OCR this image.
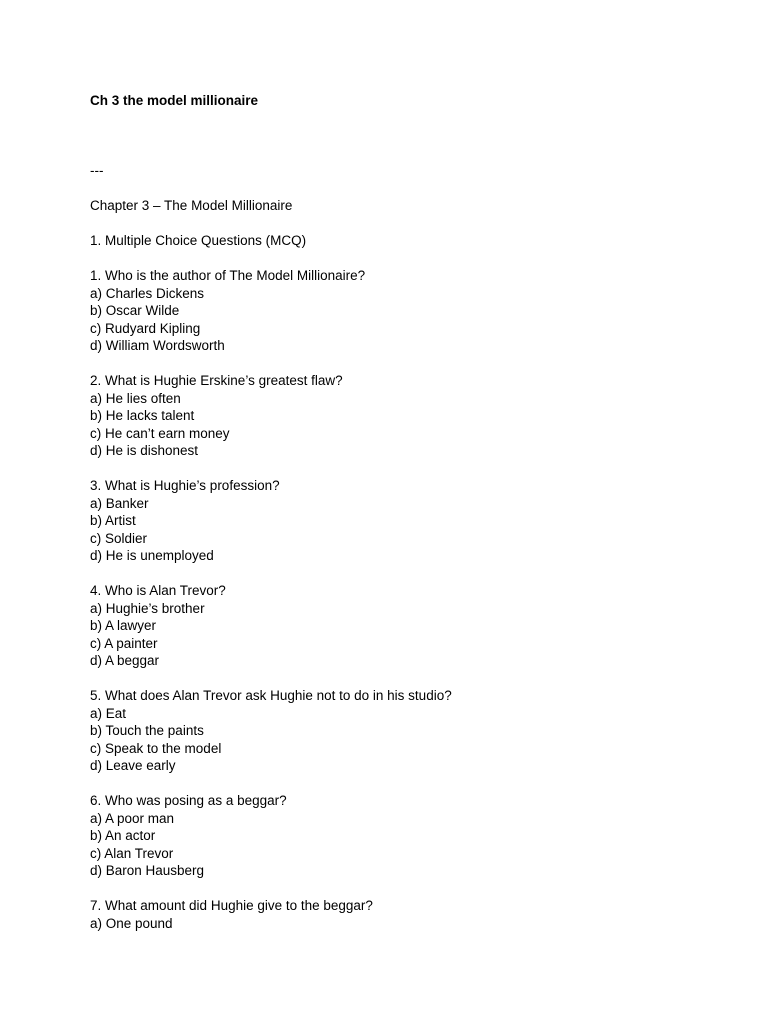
Ch 3 the model millionaire
---
Chapter 3 – The Model Millionaire
1. Multiple Choice Questions (MCQ)
1. Who is the author of The Model Millionaire?
a) Charles Dickens
b) Oscar Wilde
c) Rudyard Kipling
d) William Wordsworth
2. What is Hughie Erskine’s greatest flaw?
a) He lies often
b) He lacks talent
c) He can’t earn money
d) He is dishonest
3. What is Hughie’s profession?
a) Banker
b) Artist
c) Soldier
d) He is unemployed
4. Who is Alan Trevor?
a) Hughie’s brother
b) A lawyer
c) A painter
d) A beggar
5. What does Alan Trevor ask Hughie not to do in his studio?
a) Eat
b) Touch the paints
c) Speak to the model
d) Leave early
6. Who was posing as a beggar?
a) A poor man
b) An actor
c) Alan Trevor
d) Baron Hausberg
7. What amount did Hughie give to the beggar?
a) One pound
